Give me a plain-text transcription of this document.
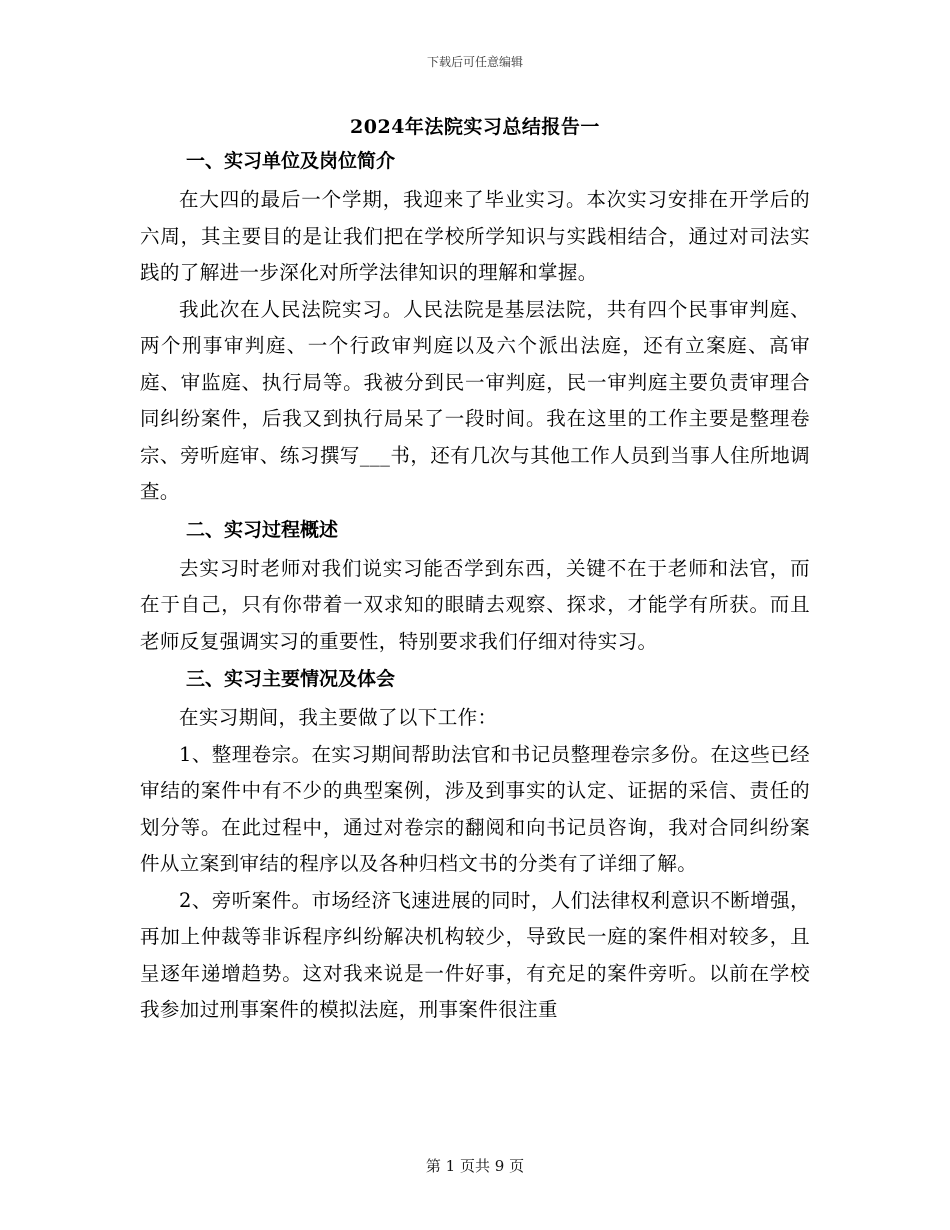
下载后可任意编辑
2024年法院实习总结报告一
一、实习单位及岗位简介

在大四的最后一个学期，我迎来了毕业实习。本次实习安排在开学后的六周，其主要目的是让我们把在学校所学知识与实践相结合，通过对司法实践的了解进一步深化对所学法律知识的理解和掌握。

我此次在人民法院实习。人民法院是基层法院，共有四个民事审判庭、两个刑事审判庭、一个行政审判庭以及六个派出法庭，还有立案庭、高审庭、审监庭、执行局等。我被分到民一审判庭，民一审判庭主要负责审理合同纠纷案件，后我又到执行局呆了一段时间。我在这里的工作主要是整理卷宗、旁听庭审、练习撰写___书，还有几次与其他工作人员到当事人住所地调查。

二、实习过程概述

去实习时老师对我们说实习能否学到东西，关键不在于老师和法官，而在于自己，只有你带着一双求知的眼睛去观察、探求，才能学有所获。而且老师反复强调实习的重要性，特别要求我们仔细对待实习。

三、实习主要情况及体会

在实习期间，我主要做了以下工作：

1、整理卷宗。在实习期间帮助法官和书记员整理卷宗多份。在这些已经审结的案件中有不少的典型案例，涉及到事实的认定、证据的采信、责任的划分等。在此过程中，通过对卷宗的翻阅和向书记员咨询，我对合同纠纷案件从立案到审结的程序以及各种归档文书的分类有了详细了解。

2、旁听案件。市场经济飞速进展的同时，人们法律权利意识不断增强，再加上仲裁等非诉程序纠纷解决机构较少，导致民一庭的案件相对较多，且呈逐年递增趋势。这对我来说是一件好事，有充足的案件旁听。以前在学校我参加过刑事案件的模拟法庭，刑事案件很注重

第 1 页共 9 页
